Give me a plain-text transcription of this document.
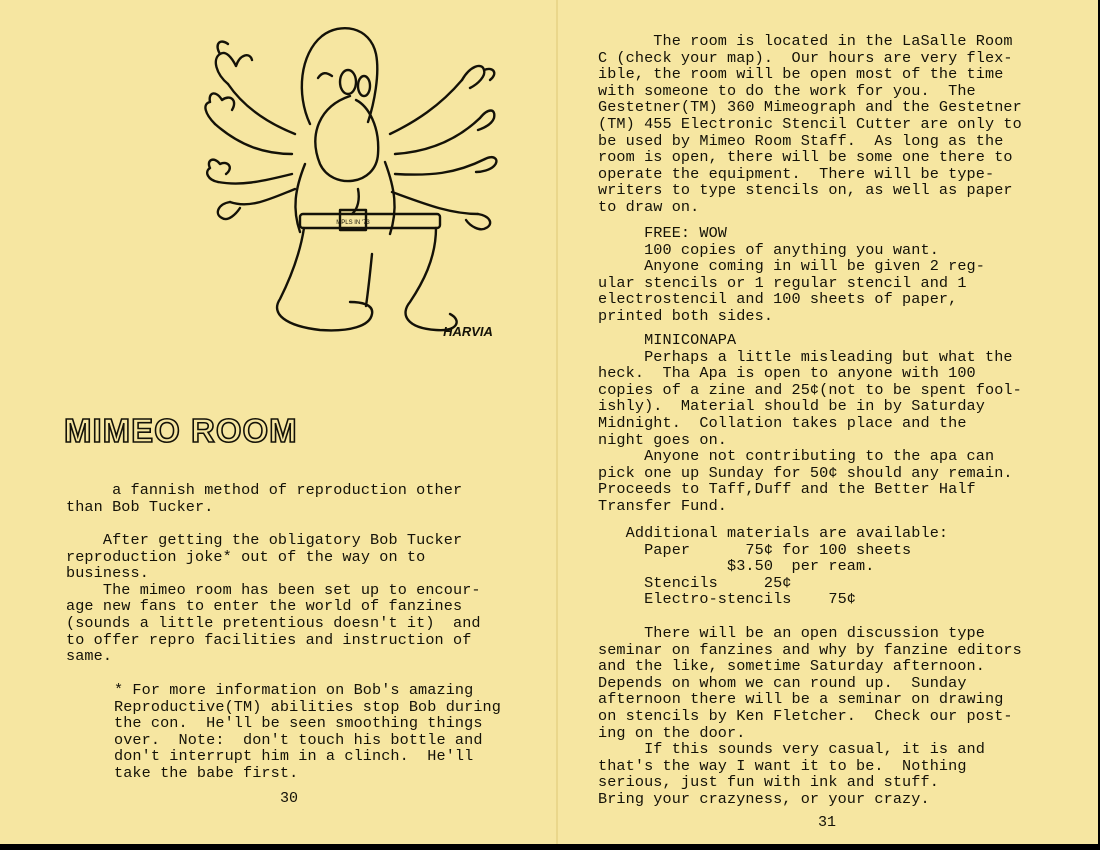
MPLS IN '73
HARVIA
MIMEO ROOM
a fannish method of reproduction other
than Bob Tucker.
After getting the obligatory Bob Tucker
reproduction joke* out of the way on to
business.
The mimeo room has been set up to encour-
age new fans to enter the world of fanzines
(sounds a little pretentious doesn't it)  and
to offer repro facilities and instruction of
same.
* For more information on Bob's amazing
Reproductive(TM) abilities stop Bob during
the con.  He'll be seen smoothing things
over.  Note:  don't touch his bottle and
don't interrupt him in a clinch.  He'll
take the babe first.
30
The room is located in the LaSalle Room
C (check your map).  Our hours are very flex-
ible, the room will be open most of the time
with someone to do the work for you.  The
Gestetner(TM) 360 Mimeograph and the Gestetner
(TM) 455 Electronic Stencil Cutter are only to
be used by Mimeo Room Staff.  As long as the
room is open, there will be some one there to
operate the equipment.  There will be type-
writers to type stencils on, as well as paper
to draw on.
FREE: WOW
100 copies of anything you want.
Anyone coming in will be given 2 reg-
ular stencils or 1 regular stencil and 1
electrostencil and 100 sheets of paper,
printed both sides.
MINICONAPA
Perhaps a little misleading but what the
heck.  Tha Apa is open to anyone with 100
copies of a zine and 25¢(not to be spent fool-
ishly).  Material should be in by Saturday
Midnight.  Collation takes place and the
night goes on.
Anyone not contributing to the apa can
pick one up Sunday for 50¢ should any remain.
Proceeds to Taff,Duff and the Better Half
Transfer Fund.
Additional materials are available:
Paper      75¢ for 100 sheets
$3.50  per ream.
Stencils     25¢
Electro-stencils    75¢
There will be an open discussion type
seminar on fanzines and why by fanzine editors
and the like, sometime Saturday afternoon.
Depends on whom we can round up.  Sunday
afternoon there will be a seminar on drawing
on stencils by Ken Fletcher.  Check our post-
ing on the door.
If this sounds very casual, it is and
that's the way I want it to be.  Nothing
serious, just fun with ink and stuff.
Bring your crazyness, or your crazy.
31
